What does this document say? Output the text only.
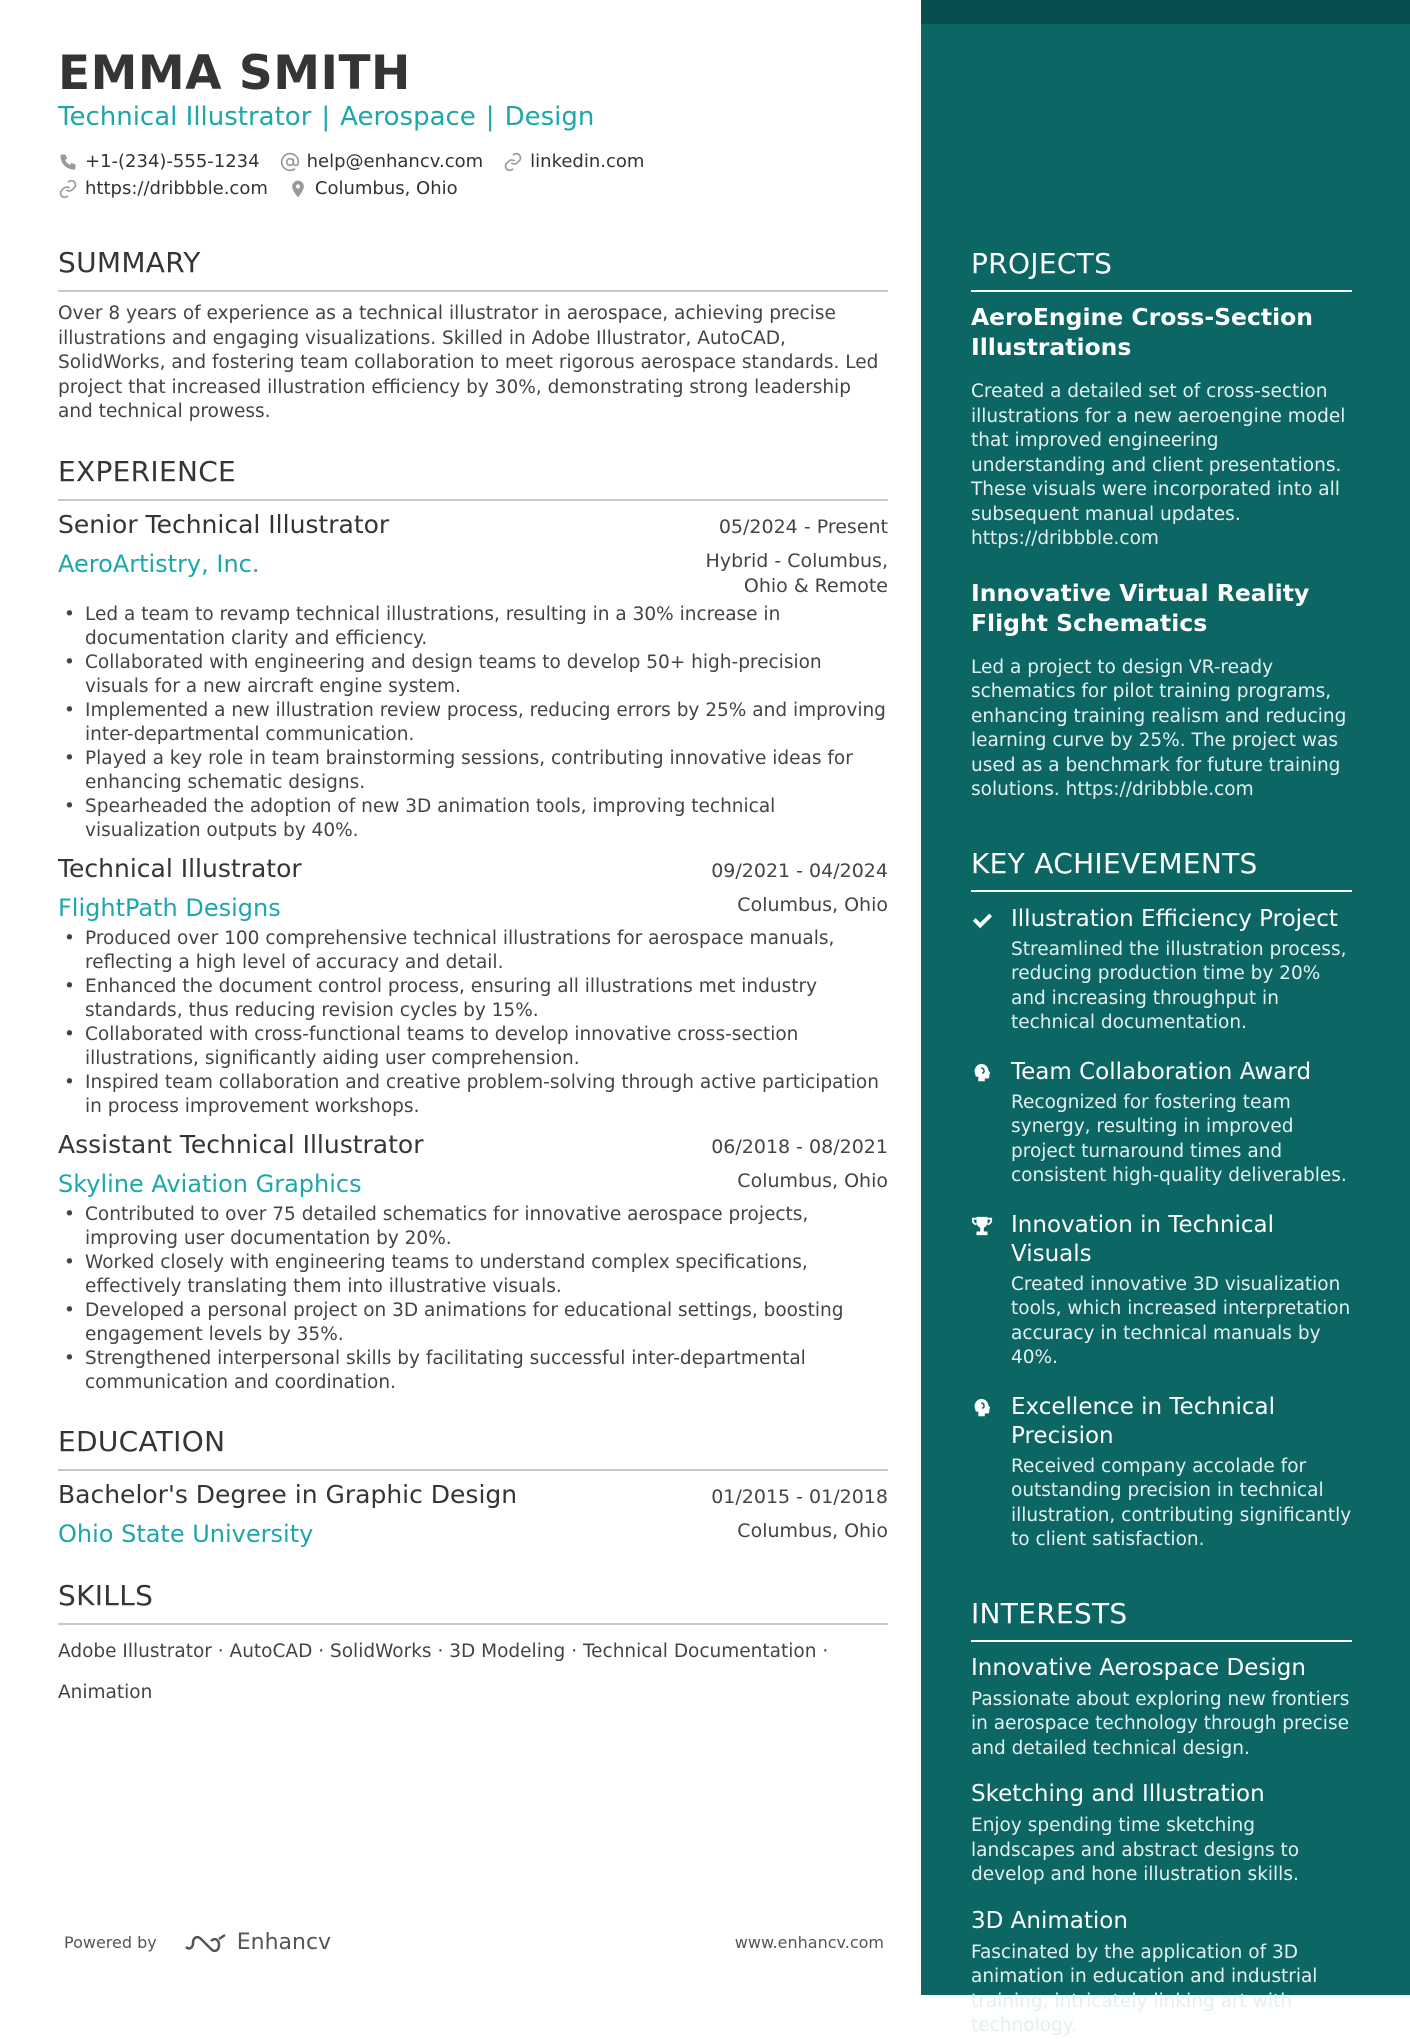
EMMA SMITH
Technical Illustrator | Aerospace | Design
+1-(234)-555-1234	help@enhancv.com	linkedin.com
https://dribbble.com	Columbus, Ohio
SUMMARY

Over 8 years of experience as a technical illustrator in aerospace, achieving precise illustrations and engaging visualizations. Skilled in Adobe Illustrator, AutoCAD, SolidWorks, and fostering team collaboration to meet rigorous aerospace standards. Led project that increased illustration efficiency by 30%, demonstrating strong leadership and technical prowess.

EXPERIENCE
Senior Technical Illustrator	05/2024 - Present
AeroArtistry, Inc.	Hybrid - Columbus, Ohio & Remote
• Led a team to revamp technical illustrations, resulting in a 30% increase in documentation clarity and efficiency.
• Collaborated with engineering and design teams to develop 50+ high-precision visuals for a new aircraft engine system.
• Implemented a new illustration review process, reducing errors by 25% and improving inter-departmental communication.
• Played a key role in team brainstorming sessions, contributing innovative ideas for enhancing schematic designs.
• Spearheaded the adoption of new 3D animation tools, improving technical visualization outputs by 40%.
Technical Illustrator	09/2021 - 04/2024
FlightPath Designs	Columbus, Ohio
• Produced over 100 comprehensive technical illustrations for aerospace manuals, reflecting a high level of accuracy and detail.
• Enhanced the document control process, ensuring all illustrations met industry standards, thus reducing revision cycles by 15%.
• Collaborated with cross-functional teams to develop innovative cross-section illustrations, significantly aiding user comprehension.
• Inspired team collaboration and creative problem-solving through active participation in process improvement workshops.
Assistant Technical Illustrator	06/2018 - 08/2021
Skyline Aviation Graphics	Columbus, Ohio
• Contributed to over 75 detailed schematics for innovative aerospace projects, improving user documentation by 20%.
• Worked closely with engineering teams to understand complex specifications, effectively translating them into illustrative visuals.
• Developed a personal project on 3D animations for educational settings, boosting engagement levels by 35%.
• Strengthened interpersonal skills by facilitating successful inter-departmental communication and coordination.
EDUCATION
Bachelor's Degree in Graphic Design	01/2015 - 01/2018
Ohio State University	Columbus, Ohio
SKILLS
Adobe Illustrator · AutoCAD · SolidWorks · 3D Modeling · Technical Documentation ·
Animation
Powered by	Enhancv	www.enhancv.com
PROJECTS
AeroEngine Cross-Section Illustrations
Created a detailed set of cross-section illustrations for a new aeroengine model that improved engineering understanding and client presentations. These visuals were incorporated into all subsequent manual updates. https://dribbble.com
Innovative Virtual Reality Flight Schematics
Led a project to design VR-ready schematics for pilot training programs, enhancing training realism and reducing learning curve by 25%. The project was used as a benchmark for future training solutions. https://dribbble.com
KEY ACHIEVEMENTS
Illustration Efficiency Project
Streamlined the illustration process, reducing production time by 20% and increasing throughput in technical documentation.
Team Collaboration Award
Recognized for fostering team synergy, resulting in improved project turnaround times and consistent high-quality deliverables.
Innovation in Technical Visuals
Created innovative 3D visualization tools, which increased interpretation accuracy in technical manuals by 40%.
Excellence in Technical Precision
Received company accolade for outstanding precision in technical illustration, contributing significantly to client satisfaction.
INTERESTS
Innovative Aerospace Design
Passionate about exploring new frontiers in aerospace technology through precise and detailed technical design.
Sketching and Illustration
Enjoy spending time sketching landscapes and abstract designs to develop and hone illustration skills.
3D Animation
Fascinated by the application of 3D animation in education and industrial training, intricately linking art with technology.
